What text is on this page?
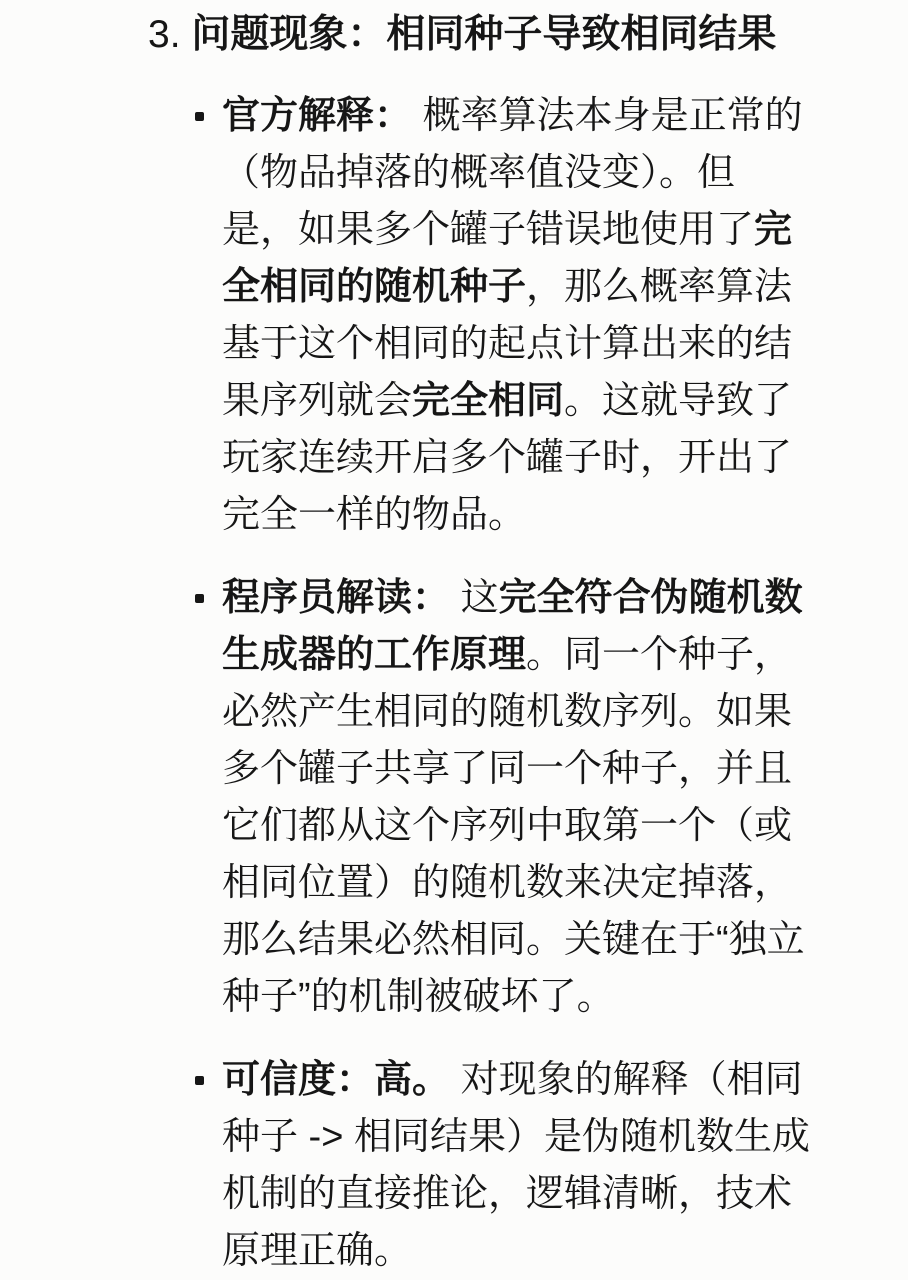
3. 问题现象：相同种子导致相同结果
官方解释： 概率算法本身是正常的
（物品掉落的概率值没变）。但
是，如果多个罐子错误地使用了完
全相同的随机种子，那么概率算法
基于这个相同的起点计算出来的结
果序列就会完全相同。这就导致了
玩家连续开启多个罐子时，开出了
完全一样的物品。
程序员解读： 这完全符合伪随机数
生成器的工作原理。同一个种子，
必然产生相同的随机数序列。如果
多个罐子共享了同一个种子，并且
它们都从这个序列中取第一个（或
相同位置）的随机数来决定掉落，
那么结果必然相同。关键在于“独立
种子”的机制被破坏了。
可信度：高。 对现象的解释（相同
种子 -> 相同结果）是伪随机数生成
机制的直接推论，逻辑清晰，技术
原理正确。
